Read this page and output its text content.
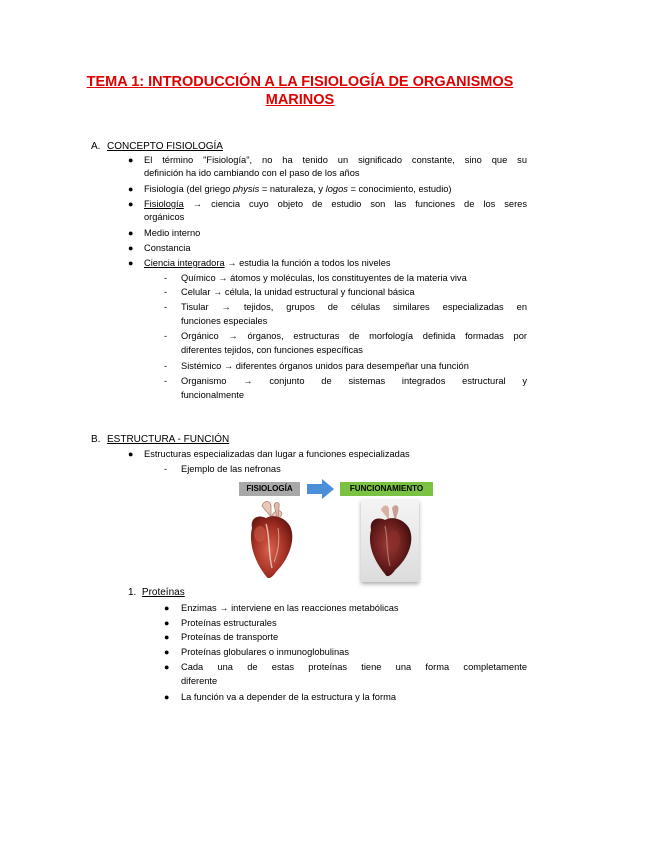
TEMA 1: INTRODUCCIÓN A LA FISIOLOGÍA DE ORGANISMOS
MARINOS
A. CONCEPTO FISIOLOGÍA
● El término "Fisiología", no ha tenido un significado constante, sino que su
definición ha ido cambiando con el paso de los años
● Fisiología (del griego physis = naturaleza, y logos = conocimiento, estudio)
● Fisiología → ciencia cuyo objeto de estudio son las funciones de los seres
orgánicos
● Medio interno
● Constancia
● Ciencia integradora → estudia la función a todos los niveles
- Químico → átomos y moléculas, los constituyentes de la materia viva
- Celular → célula, la unidad estructural y funcional básica
- Tisular → tejidos, grupos de células similares especializadas en
funciones especiales
- Orgánico → órganos, estructuras de morfología definida formadas por
diferentes tejidos, con funciones específicas
- Sistémico → diferentes órganos unidos para desempeñar una función
- Organismo → conjunto de sistemas integrados estructural y
funcionalmente
B. ESTRUCTURA - FUNCIÓN
● Estructuras especializadas dan lugar a funciones especializadas
- Ejemplo de las nefronas
FISIOLOGÍA	FUNCIONAMIENTO
1. Proteínas
● Enzimas → interviene en las reacciones metabólicas
● Proteínas estructurales
● Proteínas de transporte
● Proteínas globulares o inmunoglobulinas
● Cada una de estas proteínas tiene una forma completamente
diferente
● La función va a depender de la estructura y la forma
